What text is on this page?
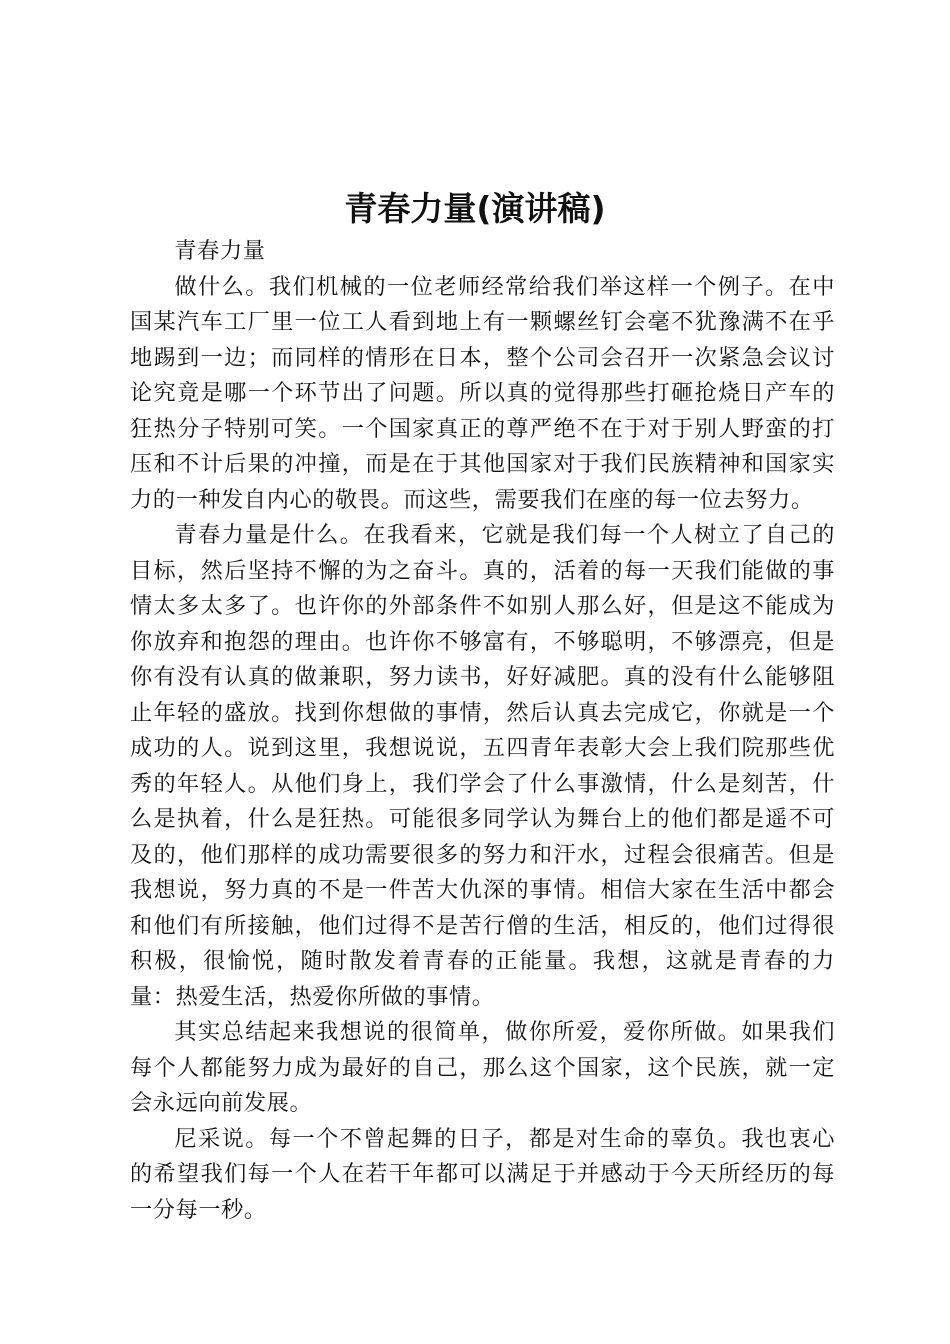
青春力量(演讲稿)

青春力量

做什么。我们机械的一位老师经常给我们举这样一个例子。在中国某汽车工厂里一位工人看到地上有一颗螺丝钉会毫不犹豫满不在乎地踢到一边；而同样的情形在日本，整个公司会召开一次紧急会议讨论究竟是哪一个环节出了问题。所以真的觉得那些打砸抢烧日产车的狂热分子特别可笑。一个国家真正的尊严绝不在于对于别人野蛮的打压和不计后果的冲撞，而是在于其他国家对于我们民族精神和国家实力的一种发自内心的敬畏。而这些，需要我们在座的每一位去努力。

青春力量是什么。在我看来，它就是我们每一个人树立了自己的目标，然后坚持不懈的为之奋斗。真的，活着的每一天我们能做的事情太多太多了。也许你的外部条件不如别人那么好，但是这不能成为你放弃和抱怨的理由。也许你不够富有，不够聪明，不够漂亮，但是你有没有认真的做兼职，努力读书，好好减肥。真的没有什么能够阻止年轻的盛放。找到你想做的事情，然后认真去完成它，你就是一个成功的人。说到这里，我想说说，五四青年表彰大会上我们院那些优秀的年轻人。从他们身上，我们学会了什么事激情，什么是刻苦，什么是执着，什么是狂热。可能很多同学认为舞台上的他们都是遥不可及的，他们那样的成功需要很多的努力和汗水，过程会很痛苦。但是我想说，努力真的不是一件苦大仇深的事情。相信大家在生活中都会和他们有所接触，他们过得不是苦行僧的生活，相反的，他们过得很积极，很愉悦，随时散发着青春的正能量。我想，这就是青春的力量：热爱生活，热爱你所做的事情。

其实总结起来我想说的很简单，做你所爱，爱你所做。如果我们每个人都能努力成为最好的自己，那么这个国家，这个民族，就一定会永远向前发展。

尼采说。每一个不曾起舞的日子，都是对生命的辜负。我也衷心的希望我们每一个人在若干年都可以满足于并感动于今天所经历的每一分每一秒。
